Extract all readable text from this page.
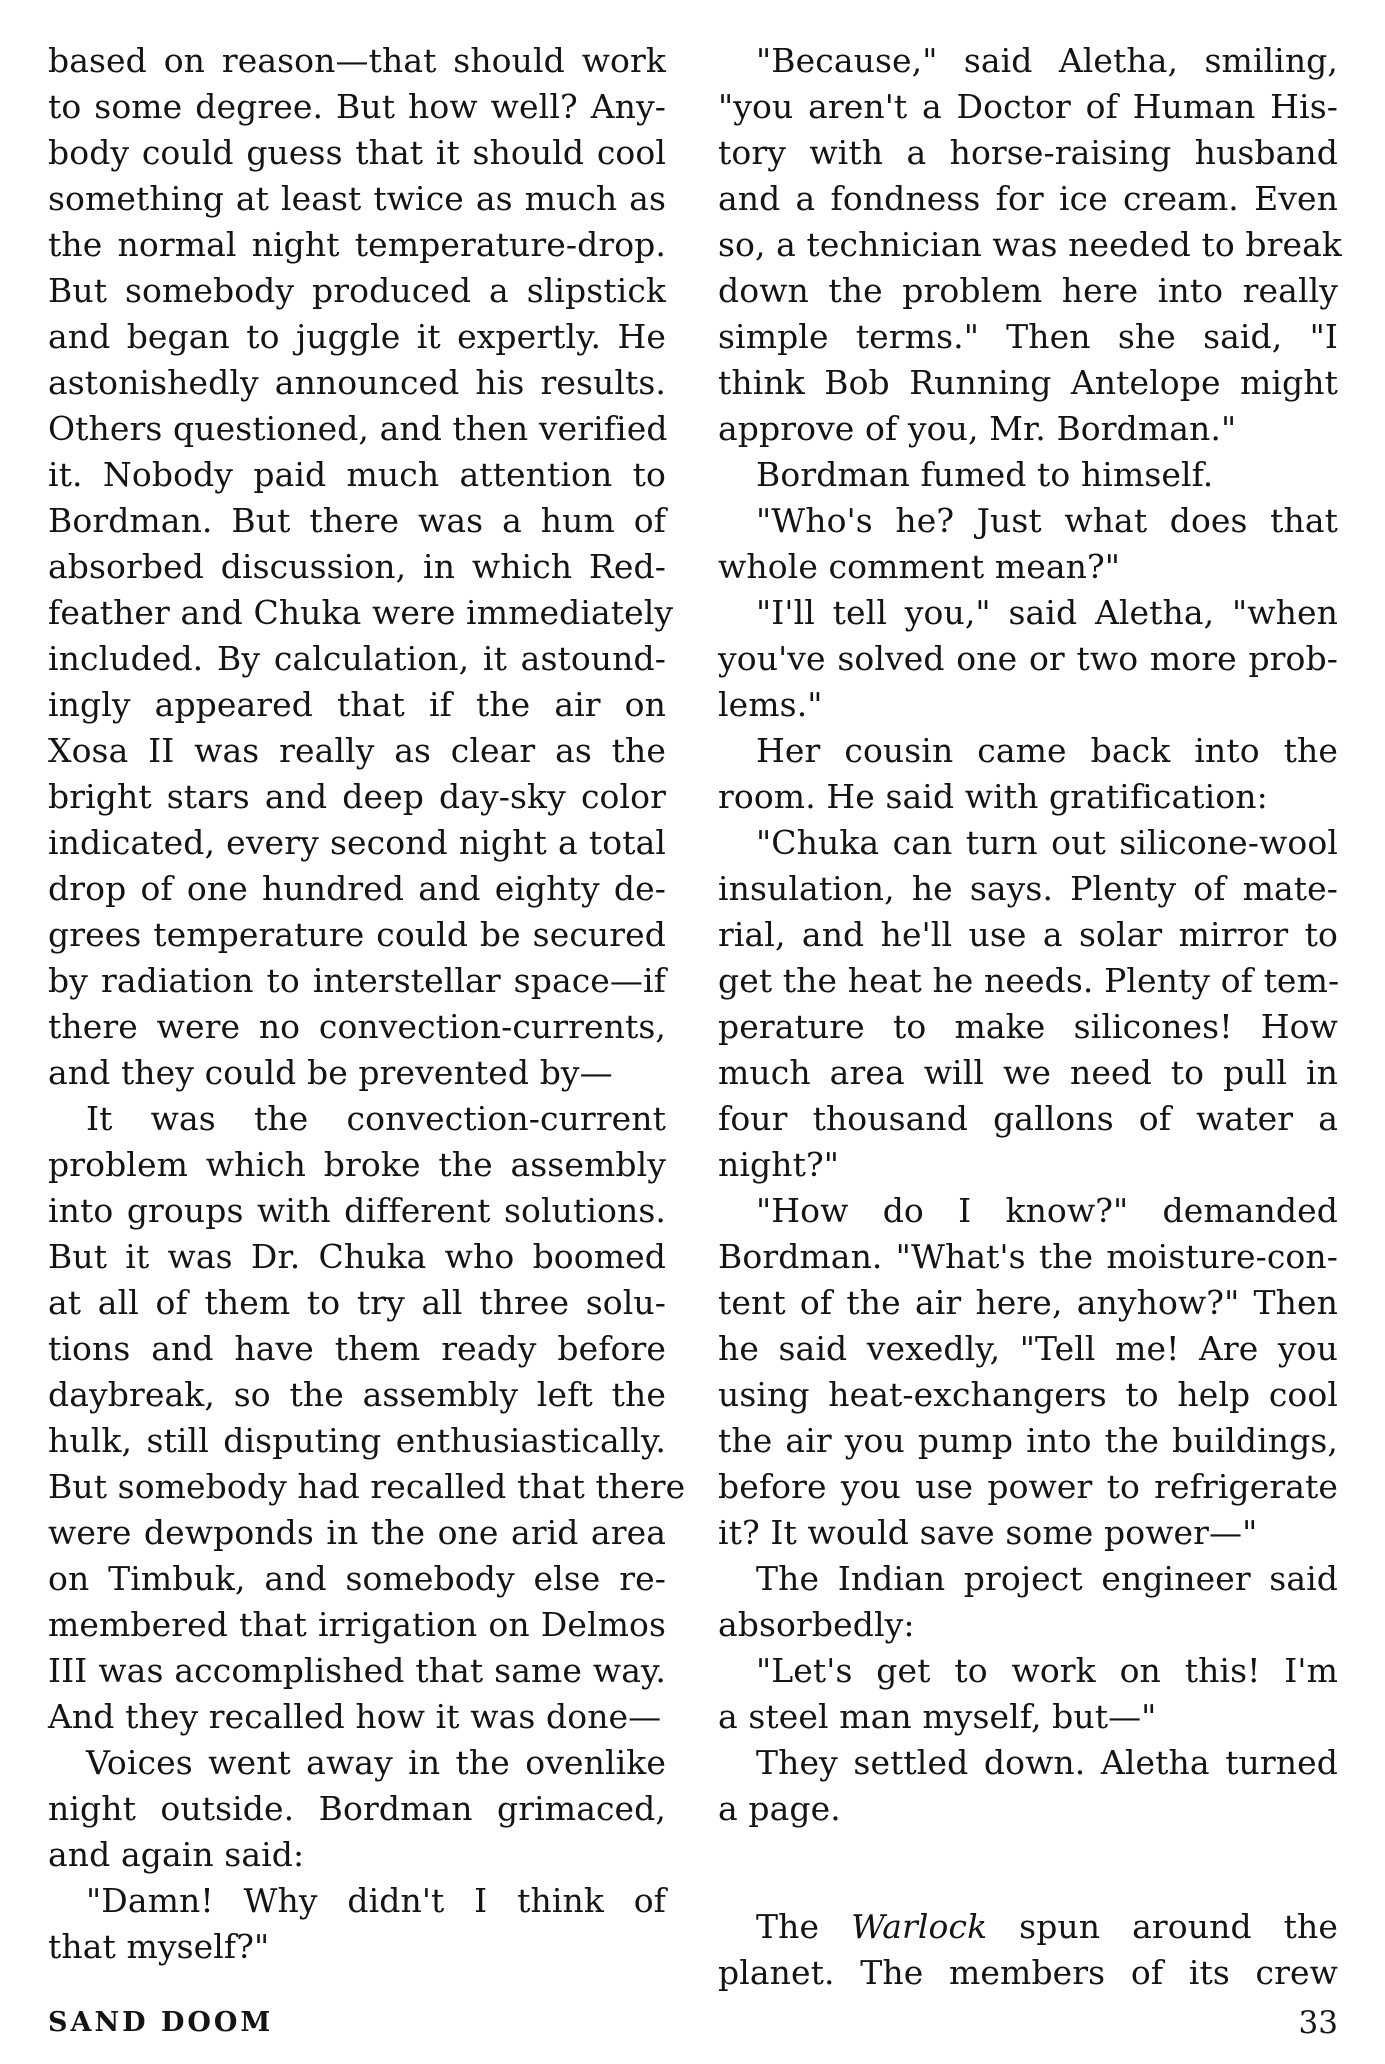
based on reason—that should work
to some degree. But how well? Any-
body could guess that it should cool
something at least twice as much as
the normal night temperature-drop.
But somebody produced a slipstick
and began to juggle it expertly. He
astonishedly announced his results.
Others questioned, and then verified
it. Nobody paid much attention to
Bordman. But there was a hum of
absorbed discussion, in which Red-
feather and Chuka were immediately
included. By calculation, it astound-
ingly appeared that if the air on
Xosa II was really as clear as the
bright stars and deep day-sky color
indicated, every second night a total
drop of one hundred and eighty de-
grees temperature could be secured
by radiation to interstellar space—if
there were no convection-currents,
and they could be prevented by—
It was the convection-current
problem which broke the assembly
into groups with different solutions.
But it was Dr. Chuka who boomed
at all of them to try all three solu-
tions and have them ready before
daybreak, so the assembly left the
hulk, still disputing enthusiastically.
But somebody had recalled that there
were dewponds in the one arid area
on Timbuk, and somebody else re-
membered that irrigation on Delmos
III was accomplished that same way.
And they recalled how it was done—
Voices went away in the ovenlike
night outside. Bordman grimaced,
and again said:
"Damn! Why didn't I think of
that myself?"
"Because," said Aletha, smiling,
"you aren't a Doctor of Human His-
tory with a horse-raising husband
and a fondness for ice cream. Even
so, a technician was needed to break
down the problem here into really
simple terms." Then she said, "I
think Bob Running Antelope might
approve of you, Mr. Bordman."
Bordman fumed to himself.
"Who's he? Just what does that
whole comment mean?"
"I'll tell you," said Aletha, "when
you've solved one or two more prob-
lems."
Her cousin came back into the
room. He said with gratification:
"Chuka can turn out silicone-wool
insulation, he says. Plenty of mate-
rial, and he'll use a solar mirror to
get the heat he needs. Plenty of tem-
perature to make silicones! How
much area will we need to pull in
four thousand gallons of water a
night?"
"How do I know?" demanded
Bordman. "What's the moisture-con-
tent of the air here, anyhow?" Then
he said vexedly, "Tell me! Are you
using heat-exchangers to help cool
the air you pump into the buildings,
before you use power to refrigerate
it? It would save some power—"
The Indian project engineer said
absorbedly:
"Let's get to work on this! I'm
a steel man myself, but—"
They settled down. Aletha turned
a page.
The Warlock spun around the
planet. The members of its crew
SAND DOOM	33
